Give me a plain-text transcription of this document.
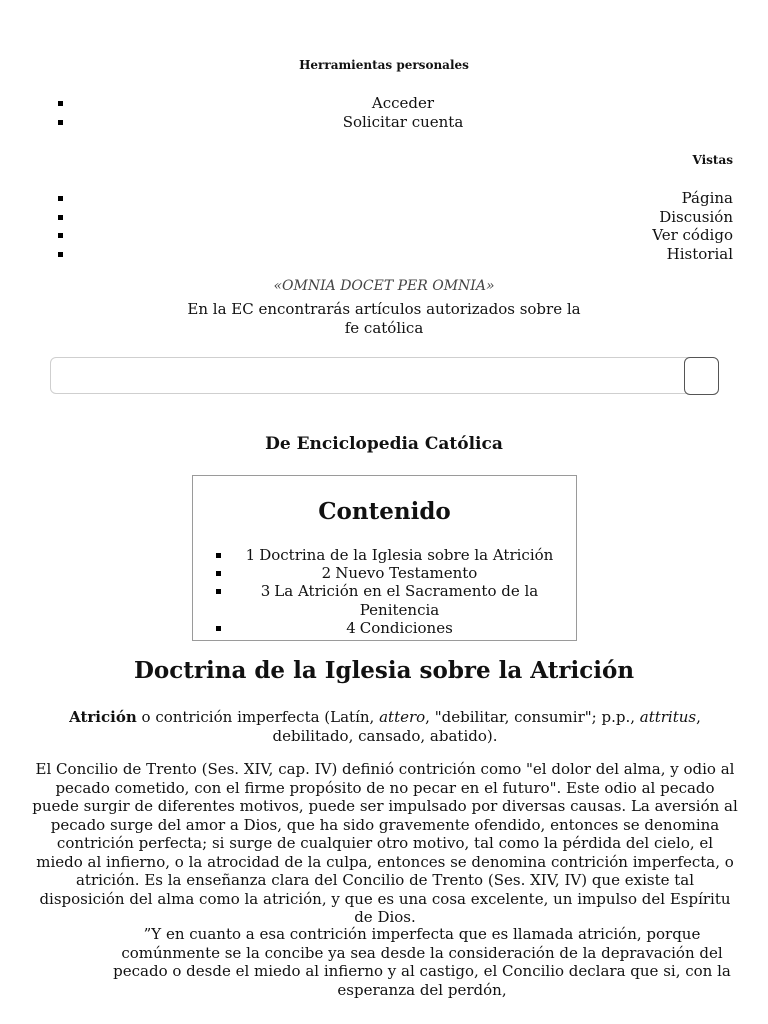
Herramientas personales
Acceder
Solicitar cuenta
Vistas
Página
Discusión
Ver código
Historial
«OMNIA DOCET PER OMNIA»
En la EC encontrarás artículos autorizados sobre la fe católica
De Enciclopedia Católica
Contenido
1 Doctrina de la Iglesia sobre la Atrición
2 Nuevo Testamento
3 La Atrición en el Sacramento de la Penitencia
4 Condiciones
Doctrina de la Iglesia sobre la Atrición

Atrición o contrición imperfecta (Latín, attero, "debilitar, consumir"; p.p., attritus, debilitado, cansado, abatido).

El Concilio de Trento (Ses. XIV, cap. IV) definió contrición como "el dolor del alma, y odio al pecado cometido, con el firme propósito de no pecar en el futuro". Este odio al pecado puede surgir de diferentes motivos, puede ser impulsado por diversas causas. La aversión al pecado surge del amor a Dios, que ha sido gravemente ofendido, entonces se denomina contrición perfecta; si surge de cualquier otro motivo, tal como la pérdida del cielo, el miedo al infierno, o la atrocidad de la culpa, entonces se denomina contrición imperfecta, o atrición. Es la enseñanza clara del Concilio de Trento (Ses. XIV, IV) que existe tal disposición del alma como la atrición, y que es una cosa excelente, un impulso del Espíritu de Dios.

”Y en cuanto a esa contrición imperfecta que es llamada atrición, porque comúnmente se la concibe ya sea desde la consideración de la depravación del pecado o desde el miedo al infierno y al castigo, el Concilio declara que si, con la esperanza del perdón,
